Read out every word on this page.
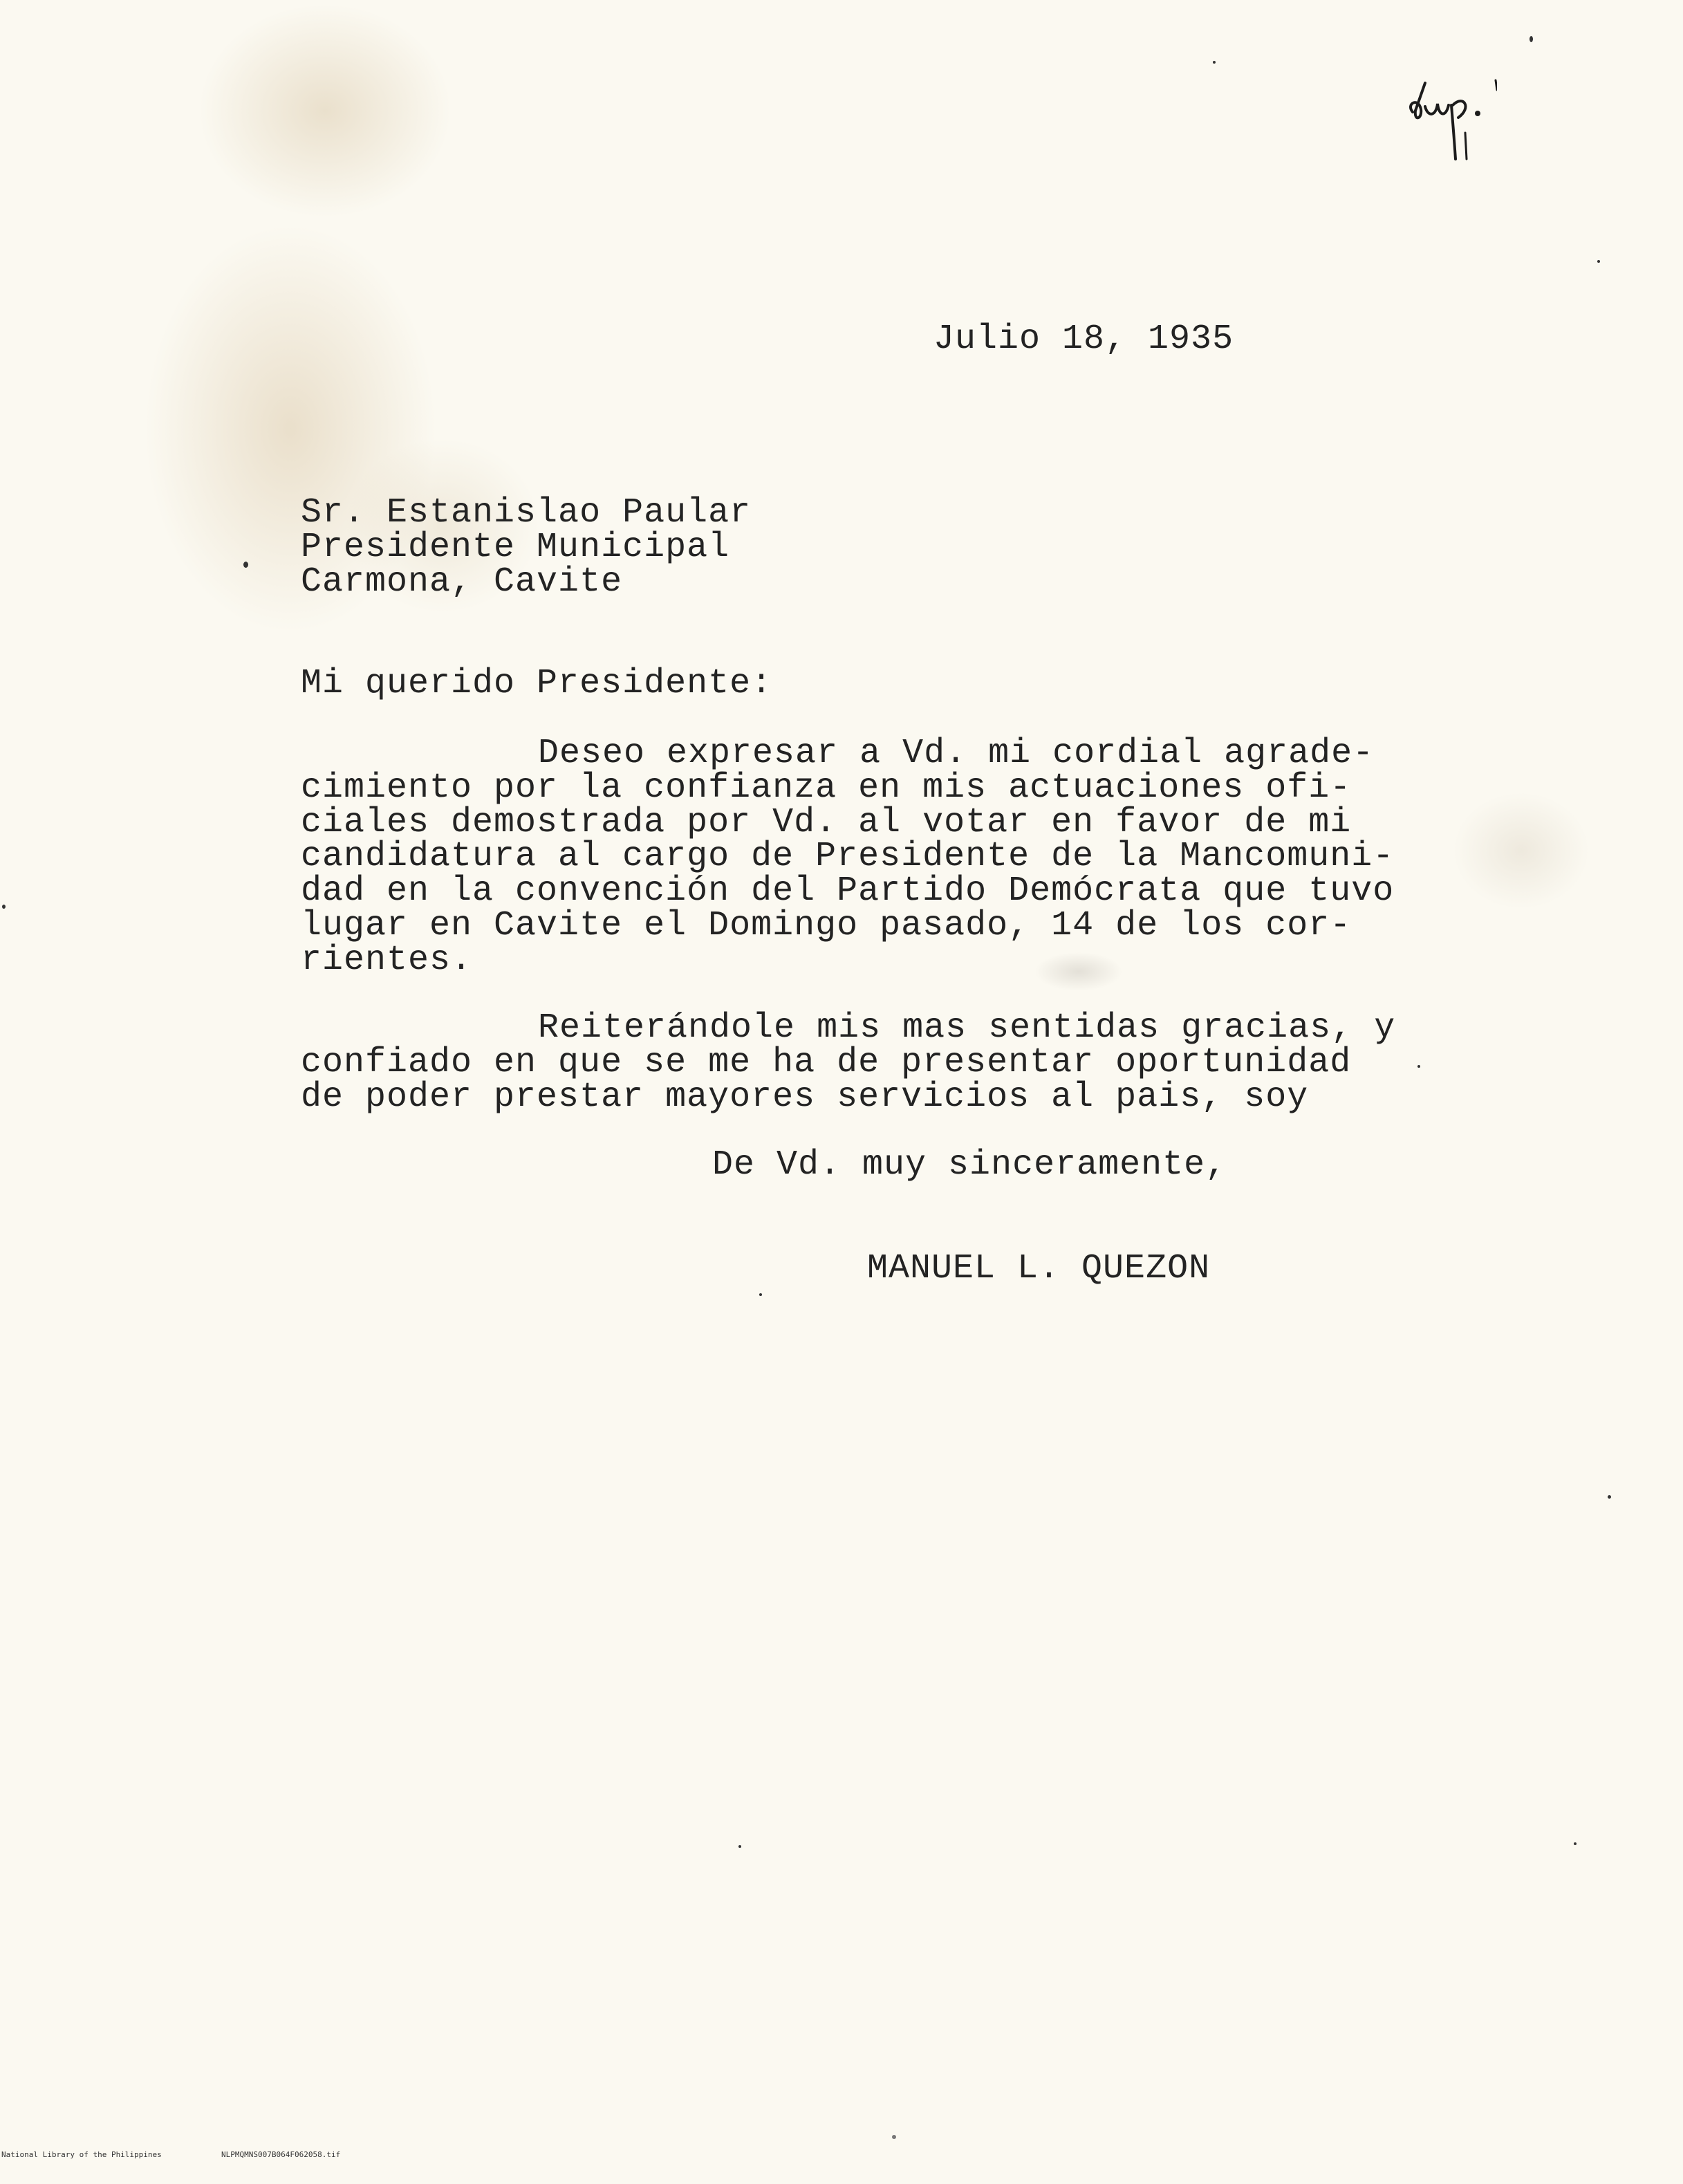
Julio 18, 1935

Sr. Estanislao Paular

Presidente Municipal

Carmona, Cavite

Mi querido Presidente:

Deseo expresar a Vd. mi cordial agrade-

cimiento por la confianza en mis actuaciones ofi-

ciales demostrada por Vd. al votar en favor de mi

candidatura al cargo de Presidente de la Mancomuni-

dad en la convención del Partido Demócrata que tuvo

lugar en Cavite el Domingo pasado, 14 de los cor-

rientes.

Reiterándole mis mas sentidas gracias, y

confiado en que se me ha de presentar oportunidad

de poder prestar mayores servicios al pais, soy

De Vd. muy sinceramente,

MANUEL L. QUEZON

National Library of the Philippines

	NLPMQMNS007B064F062058.tif
